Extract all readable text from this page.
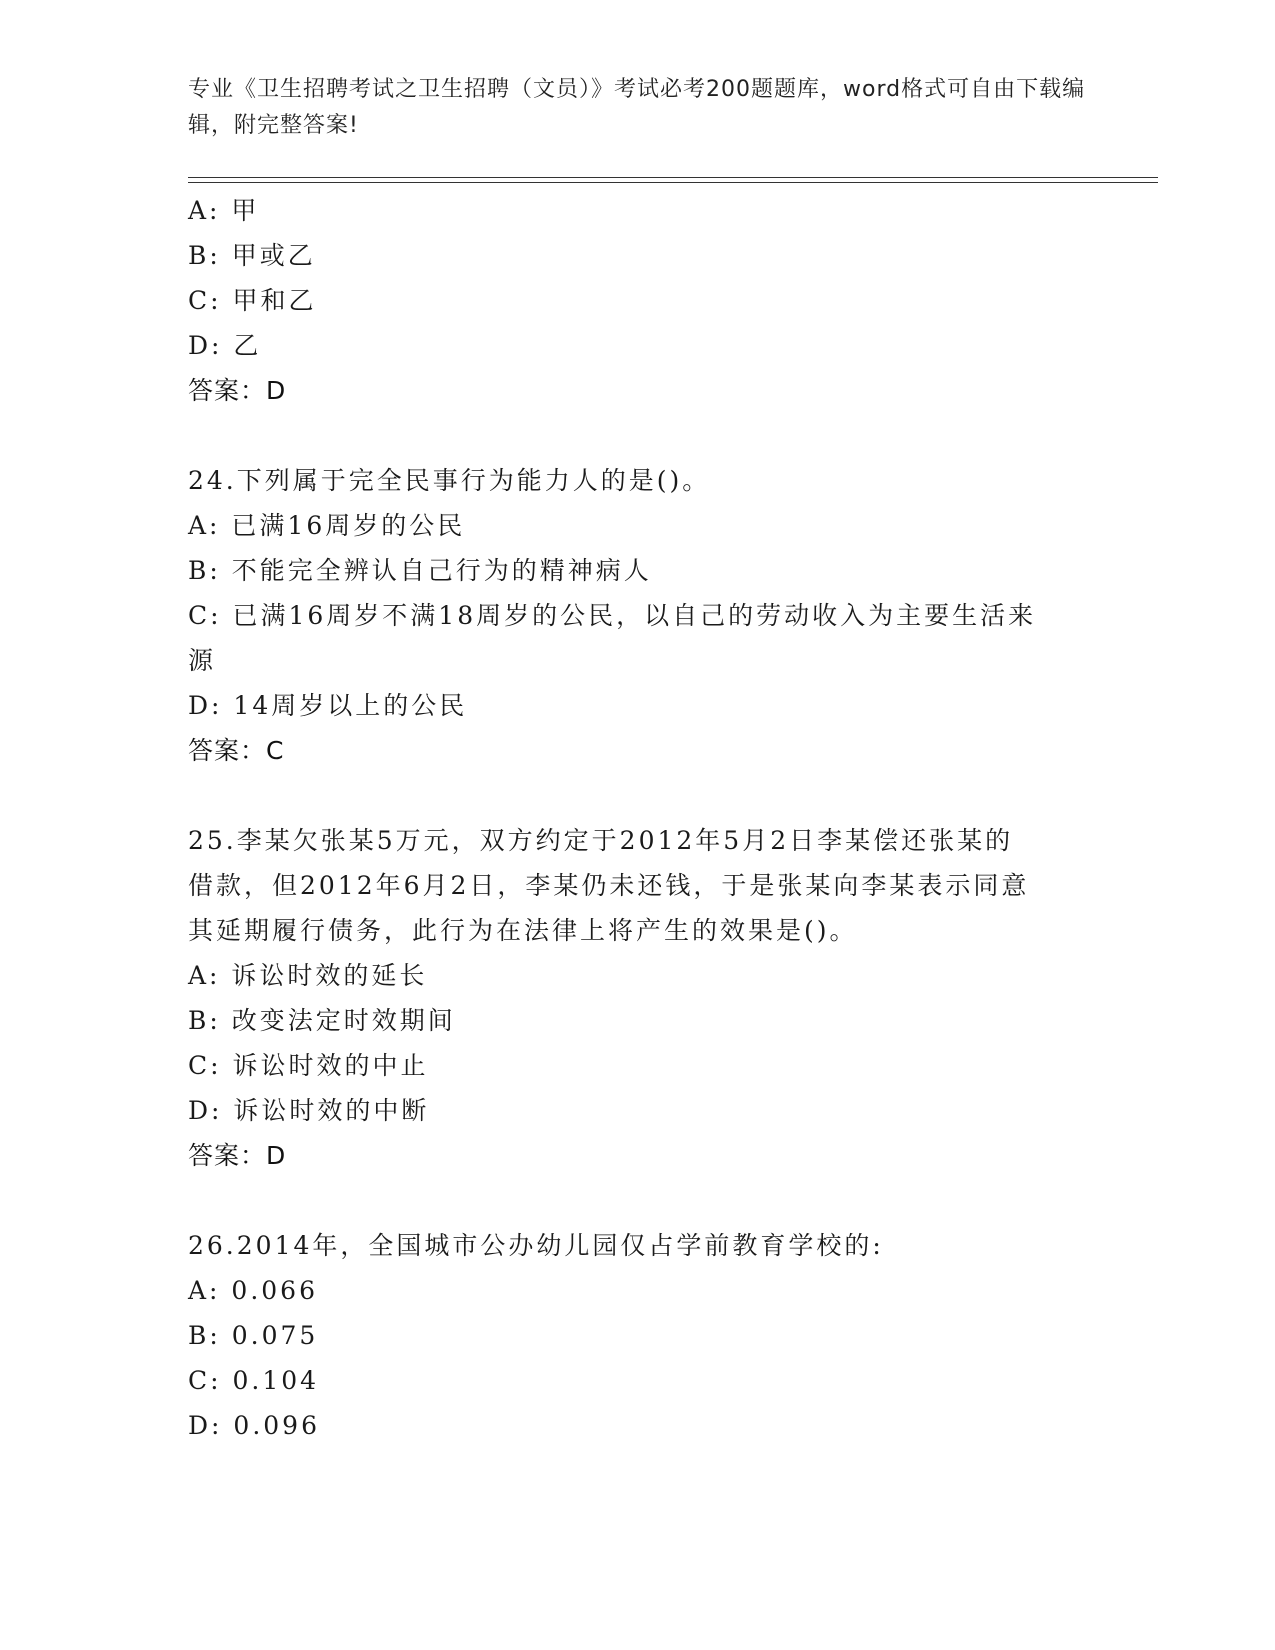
专业《卫生招聘考试之卫生招聘（文员）》考试必考200题题库，word格式可自由下载编辑，附完整答案!
A: 甲
B: 甲或乙
C: 甲和乙
D: 乙
答案：D
24.下列属于完全民事行为能力人的是()。
A: 已满16周岁的公民
B: 不能完全辨认自己行为的精神病人
C: 已满16周岁不满18周岁的公民，以自己的劳动收入为主要生活来源
D: 14周岁以上的公民
答案：C
25.李某欠张某5万元，双方约定于2012年5月2日李某偿还张某的
借款，但2012年6月2日，李某仍未还钱，于是张某向李某表示同意
其延期履行债务，此行为在法律上将产生的效果是()。
A: 诉讼时效的延长
B: 改变法定时效期间
C: 诉讼时效的中止
D: 诉讼时效的中断
答案：D
26.2014年，全国城市公办幼儿园仅占学前教育学校的:
A: 0.066
B: 0.075
C: 0.104
D: 0.096
